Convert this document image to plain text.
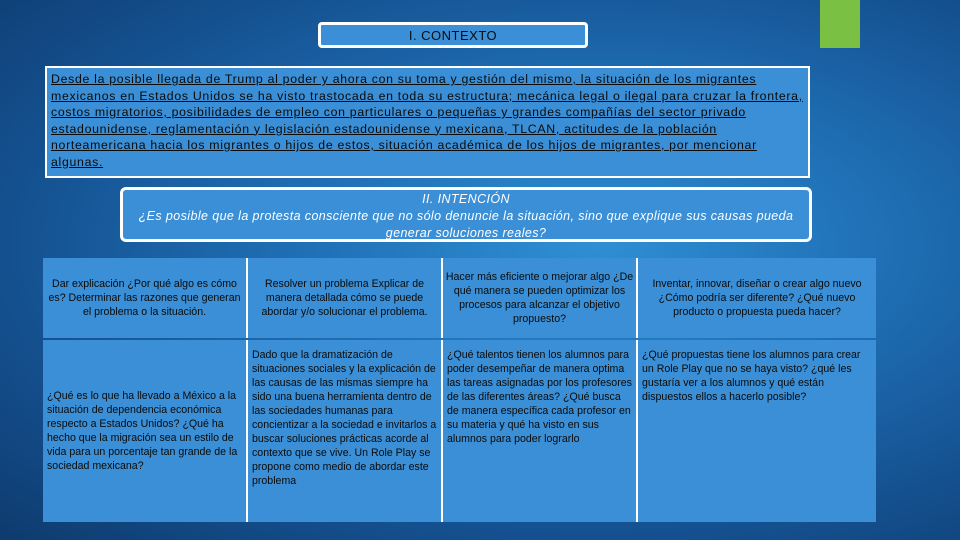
I. CONTEXTO
Desde la posible llegada de Trump al poder y ahora con su toma y gestión del mismo, la situación de los migrantes mexicanos en Estados Unidos se ha visto trastocada en toda su estructura; mecánica legal o ilegal para cruzar la frontera, costos migratorios, posibilidades de empleo con particulares o pequeñas y grandes compañías del sector privado estadounidense, reglamentación y legislación estadounidense y mexicana, TLCAN, actitudes de la población norteamericana hacia los migrantes o hijos de estos, situación académica de los hijos de migrantes, por mencionar algunas.
II. INTENCIÓN
¿Es posible que la protesta consciente que no sólo denuncie la situación, sino que explique sus causas pueda generar soluciones reales?
Dar explicación ¿Por qué algo es cómo es? Determinar las razones que generan el problema o la situación.
Resolver un problema Explicar de manera detallada cómo se puede abordar y/o solucionar el problema.
Hacer más eficiente o mejorar algo ¿De qué manera se pueden optimizar los procesos para alcanzar el objetivo propuesto?
Inventar, innovar, diseñar o crear algo nuevo ¿Cómo podría ser diferente? ¿Qué nuevo producto o propuesta pueda hacer?
¿Qué es lo que ha llevado a México a la situación de dependencia económica respecto a Estados Unidos? ¿Qué ha hecho que la migración sea un estilo de vida para un porcentaje tan grande de la sociedad mexicana?
Dado que la dramatización de situaciones sociales y la explicación de las causas de las mismas siempre ha sido una buena herramienta dentro de las sociedades humanas para concientizar a la sociedad e invitarlos a buscar soluciones prácticas acorde al contexto que se vive. Un Role Play se propone como medio de abordar este problema
¿Qué talentos tienen los alumnos para poder desempeñar de manera optima las tareas asignadas por los profesores de las diferentes áreas? ¿Qué busca de manera específica cada profesor en su materia y qué ha visto en sus alumnos para poder lograrlo
¿Qué propuestas tiene los alumnos para crear un Role Play que no se haya visto? ¿qué les gustaría ver a los alumnos y qué están dispuestos ellos a hacerlo posible?
